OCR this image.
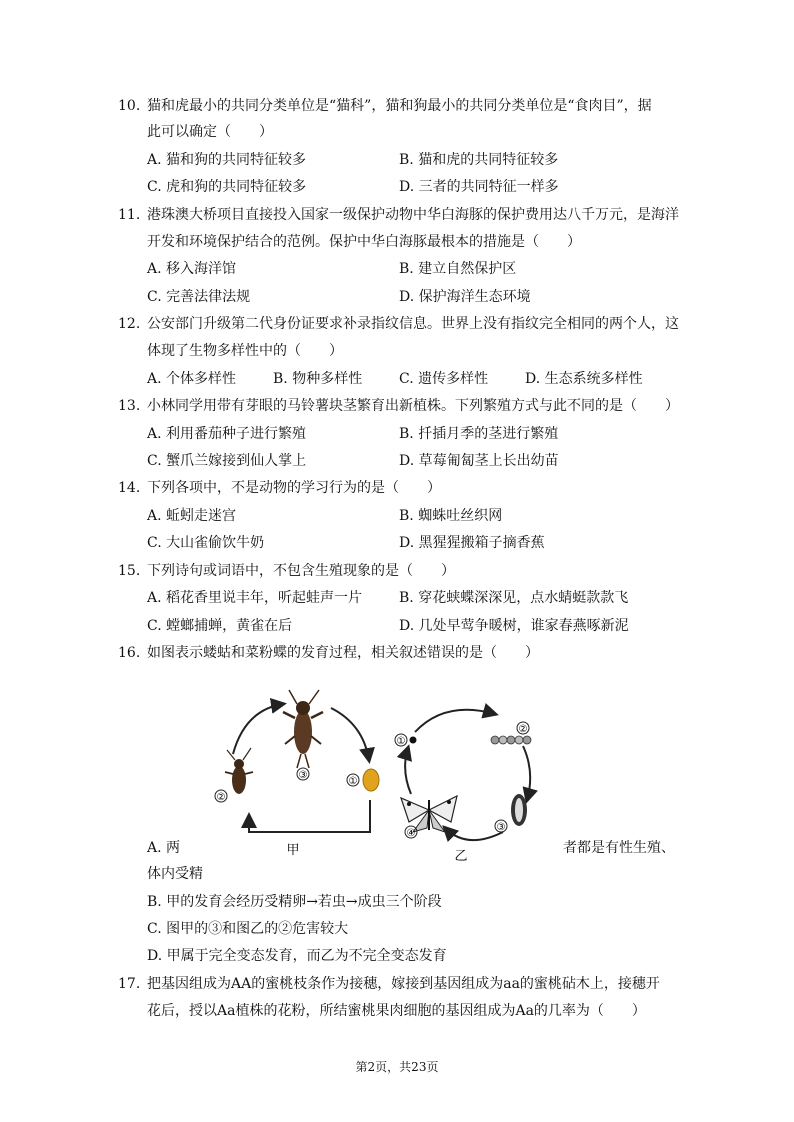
10. 猫和虎最小的共同分类单位是“猫科”，猫和狗最小的共同分类单位是“食肉目”，据
此可以确定（　　）
A. 猫和狗的共同特征较多	B. 猫和虎的共同特征较多
C. 虎和狗的共同特征较多	D. 三者的共同特征一样多
11. 港珠澳大桥项目直接投入国家一级保护动物中华白海豚的保护费用达八千万元，是海洋
开发和环境保护结合的范例。保护中华白海豚最根本的措施是（　　）
A. 移入海洋馆	B. 建立自然保护区
C. 完善法律法规	D. 保护海洋生态环境
12. 公安部门升级第二代身份证要求补录指纹信息。世界上没有指纹完全相同的两个人，这
体现了生物多样性中的（　　）
A. 个体多样性	B. 物种多样性	C. 遗传多样性	D. 生态系统多样性
13. 小林同学用带有芽眼的马铃薯块茎繁育出新植株。下列繁殖方式与此不同的是（　　）
A. 利用番茄种子进行繁殖	B. 扦插月季的茎进行繁殖
C. 蟹爪兰嫁接到仙人掌上	D. 草莓匍匐茎上长出幼苗
14. 下列各项中，不是动物的学习行为的是（　　）
A. 蚯蚓走迷宫	B. 蜘蛛吐丝织网
C. 大山雀偷饮牛奶	D. 黑猩猩搬箱子摘香蕉
15. 下列诗句或词语中，不包含生殖现象的是（　　）
A. 稻花香里说丰年，听起蛙声一片	B. 穿花蛱蝶深深见，点水蜻蜓款款飞
C. 螳螂捕蝉，黄雀在后	D. 几处早莺争暖树，谁家春燕啄新泥
16. 如图表示蝼蛄和菜粉蝶的发育过程，相关叙述错误的是（　　）
①
②
③
甲
①
②
③
④
乙
A. 两	者都是有性生殖、
体内受精
B. 甲的发育会经历受精卵→若虫→成虫三个阶段
C. 图甲的③和图乙的②危害较大
D. 甲属于完全变态发育，而乙为不完全变态发育
17. 把基因组成为AA的蜜桃枝条作为接穗，嫁接到基因组成为aa的蜜桃砧木上，接穗开
花后，授以Aa植株的花粉，所结蜜桃果肉细胞的基因组成为Aa的几率为（　　）
第2页，共23页
